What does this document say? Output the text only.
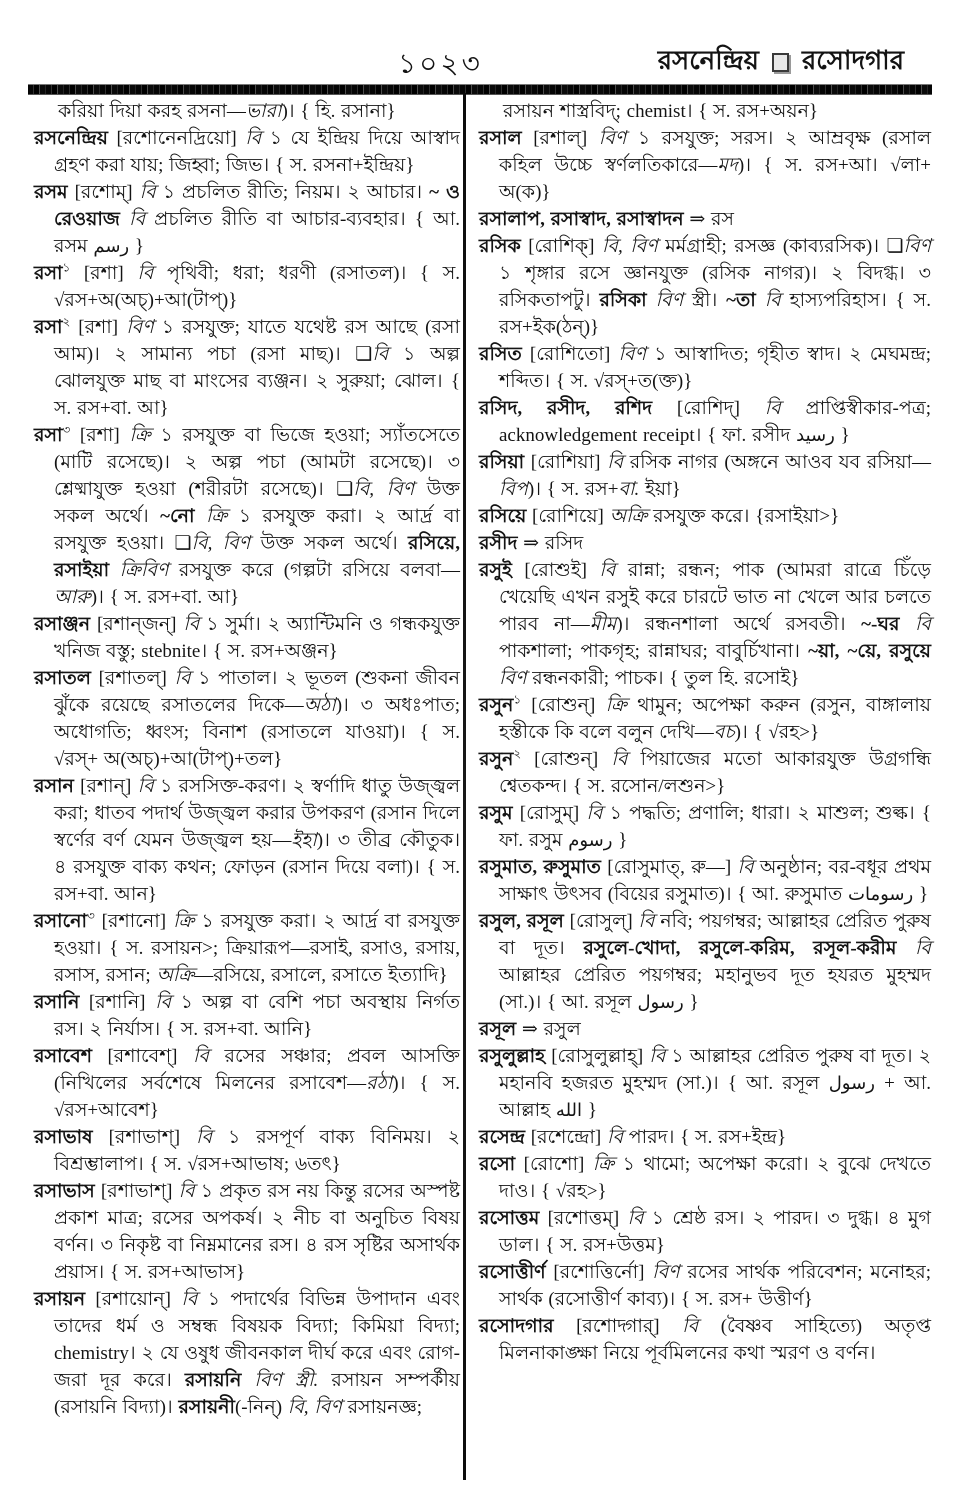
১০২৩	রসনেন্দ্রিয় রসোদগার

করিয়া দিয়া করহ রসনা—ভারা)। { হি. রসানা}

রসনেন্দ্রিয় [রশোনেনদ্রিয়ো] বি ১ যে ইন্দ্রিয় দিয়ে আস্বাদ গ্রহণ করা যায়; জিহ্বা; জিভ। { স. রসনা+ইন্দ্রিয়}

রসম [রশোম্] বি ১ প্রচলিত রীতি; নিয়ম। ২ আচার। ~ ও রেওয়াজ বি প্রচলিত রীতি বা আচার-ব্যবহার। { আ. রসম رسم }

রসা$^১$ [রশা] বি পৃথিবী; ধরা; ধরণী (রসাতল)। { স. √রস+অ(অচ্)+আ(টাপ্)}

রসা$^২$ [রশা] বিণ ১ রসযুক্ত; যাতে যথেষ্ট রস আছে (রসা আম)। ২ সামান্য পচা (রসা মাছ)। ❏বি ১ অল্প ঝোলযুক্ত মাছ বা মাংসের ব্যঞ্জন। ২ সুরুয়া; ঝোল। { স. রস+বা. আ}

রসা$^৩$ [রশা] ক্রি ১ রসযুক্ত বা ভিজে হওয়া; স্যাঁতসেতে (মাটি রসেছে)। ২ অল্প পচা (আমটা রসেছে)। ৩ শ্লেষ্মাযুক্ত হওয়া (শরীরটা রসেছে)। ❏বি, বিণ উক্ত সকল অর্থে। ~নো ক্রি ১ রসযুক্ত করা। ২ আর্দ্র বা রসযুক্ত হওয়া। ❏বি, বিণ উক্ত সকল অর্থে। রসিয়ে, রসাইয়া ক্রিবিণ রসযুক্ত করে (গল্পটা রসিয়ে বলবা—আরু)। { স. রস+বা. আ}

রসাঞ্জন [রশান্জন্] বি ১ সুর্মা। ২ অ্যান্টিমনি ও গন্ধকযুক্ত খনিজ বস্তু; stebnite। { স. রস+অঞ্জন}

রসাতল [রশাতল্] বি ১ পাতাল। ২ ভূতল (শুকনা জীবন ঝুঁকে রয়েছে রসাতলের দিকে—অঠা)। ৩ অধঃপাত; অধোগতি; ধ্বংস; বিনাশ (রসাতলে যাওয়া)। { স. √রস্+ অ(অচ্)+আ(টাপ্)+তল}

রসান [রশান্] বি ১ রসসিক্ত-করণ। ২ স্বর্ণাদি ধাতু উজ্জ্বল করা; ধাতব পদার্থ উজ্জ্বল করার উপকরণ (রসান দিলে স্বর্ণের বর্ণ যেমন উজ্জ্বল হয়—ইহা)। ৩ তীব্র কৌতুক। ৪ রসযুক্ত বাক্য কথন; ফোড়ন (রসান দিয়ে বলা)। { স. রস+বা. আন}

রসানো$^৩$ [রশানো] ক্রি ১ রসযুক্ত করা। ২ আর্দ্র বা রসযুক্ত হওয়া। { স. রসায়ন>; ক্রিয়ারূপ—রসাই, রসাও, রসায়, রসাস, রসান; অক্রি—রসিয়ে, রসালে, রসাতে ইত্যাদি}

রসানি [রশানি] বি ১ অল্প বা বেশি পচা অবস্থায় নির্গত রস। ২ নির্যাস। { স. রস+বা. আনি}

রসাবেশ [রশাবেশ্] বি রসের সঞ্চার; প্রবল আসক্তি (নিখিলের সর্বশেষে মিলনের রসাবেশ—রঠা)। { স. √রস+আবেশ}

রসাভাষ [রশাভাশ্] বি ১ রসপূর্ণ বাক্য বিনিময়। ২ বিশ্রম্ভালাপ। { স. √রস+আভাষ; ৬তৎ}

রসাভাস [রশাভাশ্] বি ১ প্রকৃত রস নয় কিন্তু রসের অস্পষ্ট প্রকাশ মাত্র; রসের অপকর্ষ। ২ নীচ বা অনুচিত বিষয় বর্ণন। ৩ নিকৃষ্ট বা নিম্নমানের রস। ৪ রস সৃষ্টির অসার্থক প্রয়াস। { স. রস+আভাস}

রসায়ন [রশায়োন্] বি ১ পদার্থের বিভিন্ন উপাদান এবং তাদের ধর্ম ও সম্বন্ধ বিষয়ক বিদ্যা; কিমিয়া বিদ্যা; chemistry। ২ যে ওষুধ জীবনকাল দীর্ঘ করে এবং রোগ-জরা দূর করে। রসায়নি বিণ স্ত্রী. রসায়ন সম্পর্কীয় (রসায়নি বিদ্যা)। রসায়নী(-নিন্) বি, বিণ রসায়নজ্ঞ;

রসায়ন শাস্ত্রবিদ্; chemist। { স. রস+অয়ন}

রসাল [রশাল্] বিণ ১ রসযুক্ত; সরস। ২ আম্রবৃক্ষ (রসাল কহিল উচ্চে স্বর্ণলতিকারে—মদ)। { স. রস+আ। √লা+ অ(ক)}

রসালাপ, রসাস্বাদ, রসাস্বাদন ⇒ রস

রসিক [রোশিক্] বি, বিণ মর্মগ্রাহী; রসজ্ঞ (কাব্যরসিক)। ❏বিণ ১ শৃঙ্গার রসে জ্ঞানযুক্ত (রসিক নাগর)। ২ বিদগ্ধ। ৩ রসিকতাপটু। রসিকা বিণ স্ত্রী। ~তা বি হাস্যপরিহাস। { স. রস+ইক(ঠন্)}

রসিত [রোশিতো] বিণ ১ আস্বাদিত; গৃহীত স্বাদ। ২ মেঘমন্দ্র; শব্দিত। { স. √রস্+ত(ক্ত)}

রসিদ, রসীদ, রশিদ [রোশিদ্] বি প্রাপ্তিস্বীকার-পত্র; acknowledgement receipt। { ফা. রসীদ رسيد }

রসিয়া [রোশিয়া] বি রসিক নাগর (অঙ্গনে আওব যব রসিয়া—বিপ)। { স. রস+বা. ইয়া}

রসিয়ে [রোশিয়ে] অক্রি রসযুক্ত করে। {রসাইয়া>}

রসীদ ⇒ রসিদ

রসুই [রোশুই] বি রান্না; রন্ধন; পাক (আমরা রাত্রে চিঁড়ে খেয়েছি এখন রসুই করে চারটে ভাত না খেলে আর চলতে পারব না—মীম)। রন্ধনশালা অর্থে রসবতী। ~-ঘর বি পাকশালা; পাকগৃহ; রান্নাঘর; বাবুর্চিখানা। ~য়া, ~য়ে, রসুয়ে বিণ রন্ধনকারী; পাচক। { তুল হি. রসোই}

রসুন$^১$ [রোশুন্] ক্রি থামুন; অপেক্ষা করুন (রসুন, বাঙ্গালায় হস্তীকে কি বলে বলুন দেখি—বচ)। { √রহ>}

রসুন$^২$ [রোশুন্] বি পিয়াজের মতো আকারযুক্ত উগ্রগন্ধি শ্বেতকন্দ। { স. রসোন/লশুন>}

রসুম [রোসুম্] বি ১ পদ্ধতি; প্রণালি; ধারা। ২ মাশুল; শুল্ক। { ফা. রসুম رسوم }

রসুমাত, রুসুমাত [রোসুমাত্, রু—] বি অনুষ্ঠান; বর-বধূর প্রথম সাক্ষাৎ উৎসব (বিয়ের রসুমাত)। { আ. রুসুমাত رسومات }

রসুল, রসূল [রোসুল্] বি নবি; পয়গম্বর; আল্লাহর প্রেরিত পুরুষ বা দূত। রসুলে-খোদা, রসুলে-করিম, রসূল-করীম বি আল্লাহর প্রেরিত পয়গম্বর; মহানুভব দূত হযরত মুহম্মদ (সা.)। { আ. রসূল رسول }

রসূল ⇒ রসুল

রসুলুল্লাহ [রোসুলুল্লাহ্] বি ১ আল্লাহর প্রেরিত পুরুষ বা দূত। ২ মহানবি হজরত মুহম্মদ (সা.)। { আ. রসূল رسول + আ. আল্লাহ الله }

রসেন্দ্র [রশেন্দ্রো] বি পারদ। { স. রস+ইন্দ্র}

রসো [রোশো] ক্রি ১ থামো; অপেক্ষা করো। ২ বুঝে দেখতে দাও। { √রহ>}

রসোত্তম [রশোত্তম্] বি ১ শ্রেষ্ঠ রস। ২ পারদ। ৩ দুগ্ধ। ৪ মুগ ডাল। { স. রস+উত্তম}

রসোত্তীর্ণ [রশোত্তির্নো] বিণ রসের সার্থক পরিবেশন; মনোহর; সার্থক (রসোত্তীর্ণ কাব্য)। { স. রস+ উত্তীর্ণ}

রসোদগার [রশোদ্গার্] বি (বৈষ্ণব সাহিত্যে) অতৃপ্ত মিলনাকাঙ্ক্ষা নিয়ে পূর্বমিলনের কথা স্মরণ ও বর্ণন।
